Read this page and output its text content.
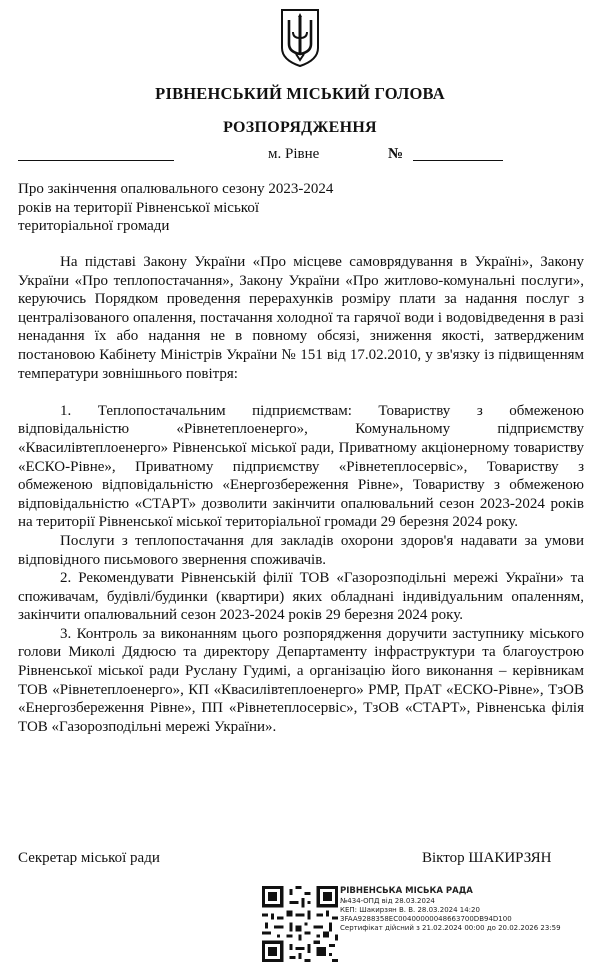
РІВНЕНСЬКИЙ МІСЬКИЙ ГОЛОВА
РОЗПОРЯДЖЕННЯ
м. Рівне	№
Про закінчення опалювального сезону 2023-2024 років на території Рівненської міської територіальної громади

На підставі Закону України «Про місцеве самоврядування в Україні», Закону України «Про теплопостачання», Закону України «Про житлово-комунальні послуги», керуючись Порядком проведення перерахунків розміру плати за надання послуг з централізованого опалення, постачання холодної та гарячої води і водовідведення в разі ненадання їх або надання не в повному обсязі, зниження якості, затвердженим постановою Кабінету Міністрів України № 151 від 17.02.2010, у зв'язку із підвищенням температури зовнішнього повітря:

1. Теплопостачальним підприємствам: Товариству з обмеженою відповідальністю «Рівнетеплоенерго», Комунальному підприємству «Квасилівтеплоенерго» Рівненської міської ради, Приватному акціонерному товариству «ЕСКО-Рівне», Приватному підприємству «Рівнетеплосервіс», Товариству з обмеженою відповідальністю «Енергозбереження Рівне», Товариству з обмеженою відповідальністю «СТАРТ» дозволити закінчити опалювальний сезон 2023-2024 років на території Рівненської міської територіальної громади 29 березня 2024 року.

Послуги з теплопостачання для закладів охорони здоров'я надавати за умови відповідного письмового звернення споживачів.

2. Рекомендувати Рівненській філії ТОВ «Газорозподільні мережі України» та споживачам, будівлі/будинки (квартири) яких обладнані індивідуальним опаленням, закінчити опалювальний сезон 2023-2024 років 29 березня 2024 року.

3. Контроль за виконанням цього розпорядження доручити заступнику міського голови Миколі Дядюсю та директору Департаменту інфраструктури та благоустрою Рівненської міської ради Руслану Гудимі, а організацію його виконання – керівникам ТОВ «Рівнетеплоенерго», КП «Квасилівтеплоенерго» РМР, ПрАТ «ЕСКО-Рівне», ТзОВ «Енергозбереження Рівне», ПП «Рівнетеплосервіс», ТзОВ «СТАРТ», Рівненська філія ТОВ «Газорозподільні мережі України».

Секретар міської ради	Віктор ШАКИРЗЯН
РІВНЕНСЬКА МІСЬКА РАДА
№434-ОПД від 28.03.2024
КЕП: Шакирзян В. В. 28.03.2024 14:20
3FAA9288358EC00400000048663700DB94D100
Сертифікат дійсний з 21.02.2024 00:00 до 20.02.2026 23:59
